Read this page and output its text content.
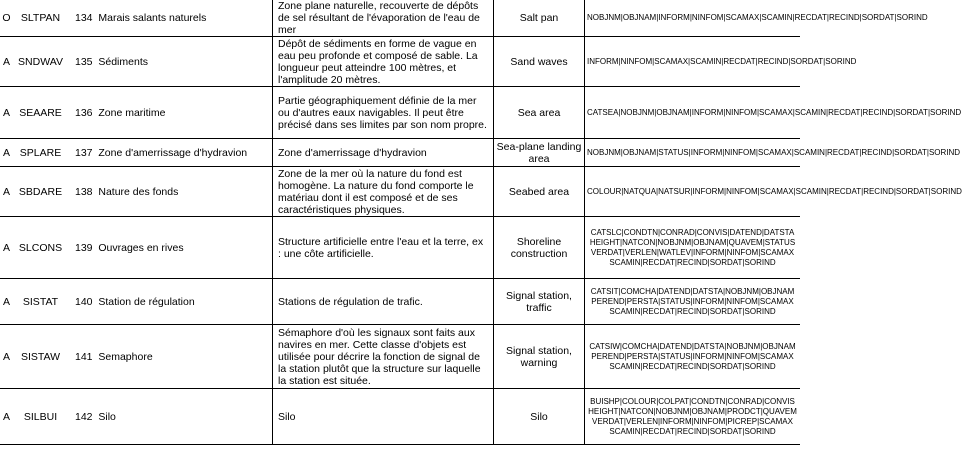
O	SLTPAN	134 Marais salants naturels	Zone plane naturelle, recouverte de dépôts de sel résultant de l'évaporation de l'eau de mer	Salt pan	NOBJNM|OBJNAM|INFORM|NINFOM|SCAMAX|SCAMIN|RECDAT|RECIND|SORDAT|SORIND
A	SNDWAV	135 Sédiments	Dépôt de sédiments en forme de vague en eau peu profonde et composé de sable. La longueur peut atteindre 100 mètres, et l'amplitude 20 mètres.	Sand waves	INFORM|NINFOM|SCAMAX|SCAMIN|RECDAT|RECIND|SORDAT|SORIND
A	SEAARE	136 Zone maritime	Partie géographiquement définie de la mer ou d'autres eaux navigables. Il peut être précisé dans ses limites par son nom propre.	Sea area	CATSEA|NOBJNM|OBJNAM|INFORM|NINFOM|SCAMAX|SCAMIN|RECDAT|RECIND|SORDAT|SORIND
A	SPLARE	137 Zone d'amerrissage d'hydravion	Zone d'amerrissage d'hydravion	Sea-plane landing area	NOBJNM|OBJNAM|STATUS|INFORM|NINFOM|SCAMAX|SCAMIN|RECDAT|RECIND|SORDAT|SORIND
A	SBDARE	138 Nature des fonds	Zone de la mer où la nature du fond est homogène. La nature du fond comporte le matériau dont il est composé et de ses caractéristiques physiques.	Seabed area	COLOUR|NATQUA|NATSUR|INFORM|NINFOM|SCAMAX|SCAMIN|RECDAT|RECIND|SORDAT|SORIND
A	SLCONS	139 Ouvrages en rives	Structure artificielle entre l'eau et la terre, ex : une côte artificielle.	Shoreline construction	CATSLC|CONDTN|CONRAD|CONVIS|DATEND|DATSTA HEIGHT|NATCON|NOBJNM|OBJNAM|QUAVEM|STATUS VERDAT|VERLEN|WATLEV|INFORM|NINFOM|SCAMAX SCAMIN|RECDAT|RECIND|SORDAT|SORIND
A	SISTAT	140 Station de régulation	Stations de régulation de trafic.	Signal station, traffic	CATSIT|COMCHA|DATEND|DATSTA|NOBJNM|OBJNAM PEREND|PERSTA|STATUS|INFORM|NINFOM|SCAMAX SCAMIN|RECDAT|RECIND|SORDAT|SORIND
A	SISTAW	141 Semaphore	Sémaphore d'où les signaux sont faits aux navires en mer. Cette classe d'objets est utilisée pour décrire la fonction de signal de la station plutôt que la structure sur laquelle la station est située.	Signal station, warning	CATSIW|COMCHA|DATEND|DATSTA|NOBJNM|OBJNAM PEREND|PERSTA|STATUS|INFORM|NINFOM|SCAMAX SCAMIN|RECDAT|RECIND|SORDAT|SORIND
A	SILBUI	142 Silo	Silo	Silo	BUISHP|COLOUR|COLPAT|CONDTN|CONRAD|CONVIS HEIGHT|NATCON|NOBJNM|OBJNAM|PRODCT|QUAVEM VERDAT|VERLEN|INFORM|NINFOM|PICREP|SCAMAX SCAMIN|RECDAT|RECIND|SORDAT|SORIND
